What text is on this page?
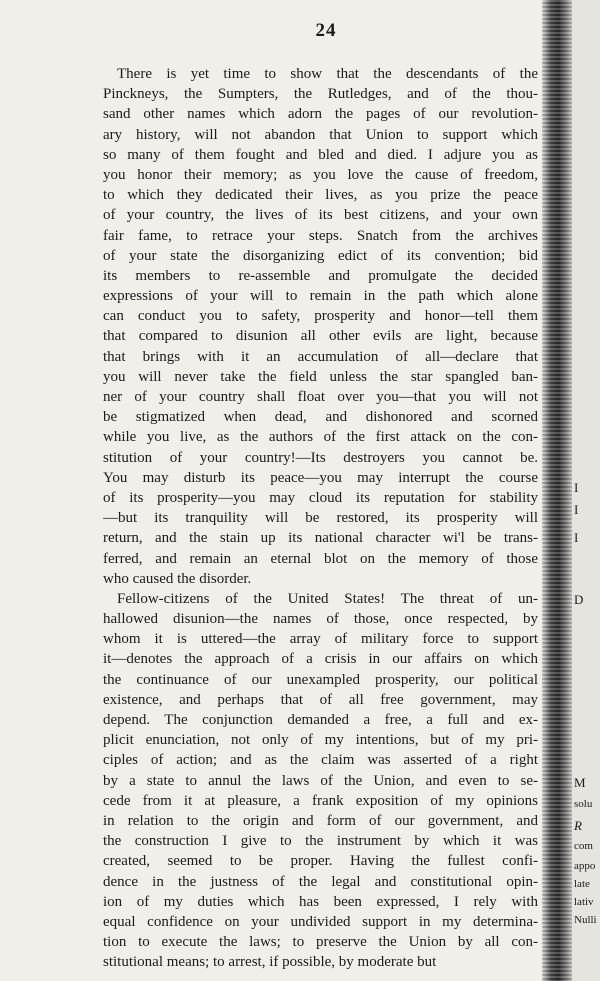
24
There is yet time to show that the descendants of the
Pinckneys, the Sumpters, the Rutledges, and of the thou-
sand other names which adorn the pages of our revolution-
ary history, will not abandon that Union to support which
so many of them fought and bled and died. I adjure you as
you honor their memory; as you love the cause of freedom,
to which they dedicated their lives, as you prize the peace
of your country, the lives of its best citizens, and your own
fair fame, to retrace your steps. Snatch from the archives
of your state the disorganizing edict of its convention; bid
its members to re-assemble and promulgate the decided
expressions of your will to remain in the path which alone
can conduct you to safety, prosperity and honor—tell them
that compared to disunion all other evils are light, because
that brings with it an accumulation of all—declare that
you will never take the field unless the star spangled ban-
ner of your country shall float over you—that you will not
be stigmatized when dead, and dishonored and scorned
while you live, as the authors of the first attack on the con-
stitution of your country!—Its destroyers you cannot be.
You may disturb its peace—you may interrupt the course
of its prosperity—you may cloud its reputation for stability
—but its tranquility will be restored, its prosperity will
return, and the stain up its national character wi'l be trans-
ferred, and remain an eternal blot on the memory of those
who caused the disorder.
Fellow-citizens of the United States! The threat of un-
hallowed disunion—the names of those, once respected, by
whom it is uttered—the array of military force to support
it—denotes the approach of a crisis in our affairs on which
the continuance of our unexampled prosperity, our political
existence, and perhaps that of all free government, may
depend. The conjunction demanded a free, a full and ex-
plicit enunciation, not only of my intentions, but of my pri-
ciples of action; and as the claim was asserted of a right
by a state to annul the laws of the Union, and even to se-
cede from it at pleasure, a frank exposition of my opinions
in relation to the origin and form of our government, and
the construction I give to the instrument by which it was
created, seemed to be proper. Having the fullest confi-
dence in the justness of the legal and constitutional opin-
ion of my duties which has been expressed, I rely with
equal confidence on your undivided support in my determina-
tion to execute the laws; to preserve the Union by all con-
stitutional means; to arrest, if possible, by moderate but
I
I
I
D
M
solu
R
com
appo
late
lativ
Nulli
